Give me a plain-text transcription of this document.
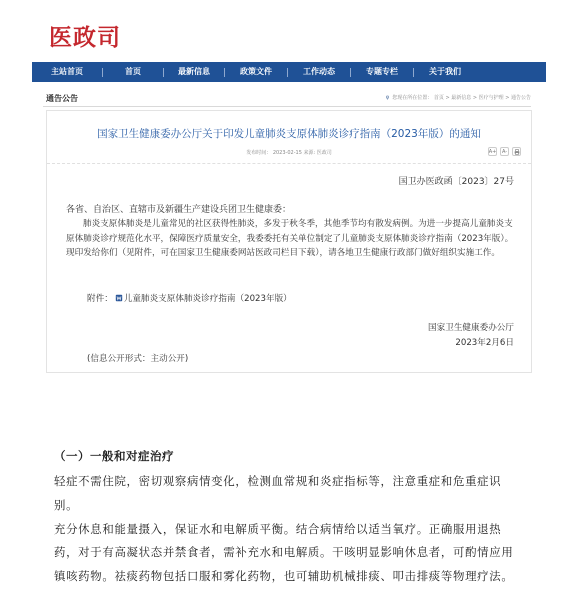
医政司
主站首页	首页	最新信息	政策文件	工作动态	专题专栏	关于我们
通告公告	您现在所在位置： 首页 > 最新信息 > 医疗与护理 > 通告公告
国家卫生健康委办公厅关于印发儿童肺炎支原体肺炎诊疗指南（2023年版）的通知
发布时间： 2023-02-15 来源: 医政司	A+	A-
国卫办医政函〔2023〕27号
各省、自治区、直辖市及新疆生产建设兵团卫生健康委：
肺炎支原体肺炎是儿童常见的社区获得性肺炎，多发于秋冬季，其他季节均有散发病例。为进一步提高儿童肺炎支原体肺炎诊疗规范化水平，保障医疗质量安全，我委委托有关单位制定了儿童肺炎支原体肺炎诊疗指南（2023年版）。现印发给你们（见附件，可在国家卫生健康委网站医政司栏目下载），请各地卫生健康行政部门做好组织实施工作。
附件： 儿童肺炎支原体肺炎诊疗指南（2023年版）
国家卫生健康委办公厅
2023年2月6日
(信息公开形式：主动公开)
（一）一般和对症治疗

轻症不需住院，密切观察病情变化，检测血常规和炎症指标等，注意重症和危重症识别。

充分休息和能量摄入，保证水和电解质平衡。结合病情给以适当氧疗。正确服用退热药，对于有高凝状态并禁食者，需补充水和电解质。干咳明显影响休息者，可酌情应用镇咳药物。祛痰药物包括口服和雾化药物，也可辅助机械排痰、叩击排痰等物理疗法。
